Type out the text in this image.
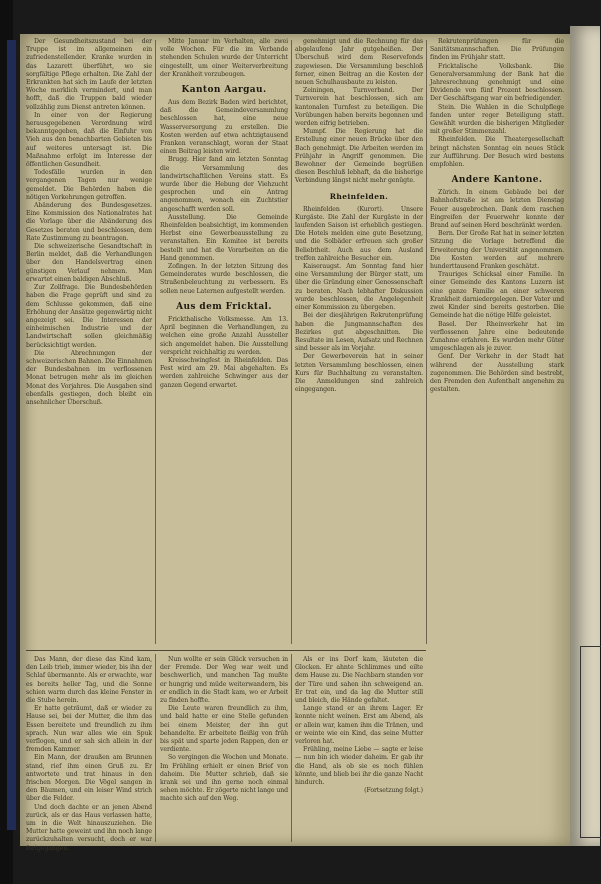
Der Gesundheitszustand bei der Truppe ist im allgemeinen ein zufriedenstellender. Kranke wurden in das Lazarett überführt, wo sie sorgfältige Pflege erhalten. Die Zahl der Erkrankten hat sich im Laufe der letzten Woche merklich vermindert, und man hofft, daß die Truppen bald wieder vollzählig zum Dienst antreten können.

In einer von der Regierung herausgegebenen Verordnung wird bekanntgegeben, daß die Einfuhr von Vieh aus den benachbarten Gebieten bis auf weiteres untersagt ist. Die Maßnahme erfolgt im Interesse der öffentlichen Gesundheit.

Todesfälle wurden in den vergangenen Tagen nur wenige gemeldet. Die Behörden haben die nötigen Vorkehrungen getroffen.

Abänderung des Bundesgesetzes. Eine Kommission des Nationalrates hat die Vorlage über die Abänderung des Gesetzes beraten und beschlossen, dem Rate Zustimmung zu beantragen.

Die schweizerische Gesandtschaft in Berlin meldet, daß die Verhandlungen über den Handelsvertrag einen günstigen Verlauf nehmen. Man erwartet einen baldigen Abschluß.

Zur Zollfrage. Die Bundesbehörden haben die Frage geprüft und sind zu dem Schlusse gekommen, daß eine Erhöhung der Ansätze gegenwärtig nicht angezeigt sei. Die Interessen der einheimischen Industrie und der Landwirtschaft sollen gleichmäßig berücksichtigt werden.

Die Abrechnungen der schweizerischen Bahnen. Die Einnahmen der Bundesbahnen im verflossenen Monat betrugen mehr als im gleichen Monat des Vorjahres. Die Ausgaben sind ebenfalls gestiegen, doch bleibt ein ansehnlicher Überschuß.

Mitte Januar im Verhalten, alle zwei volle Wochen. Für die im Verbande stehenden Schulen wurde der Unterricht eingestellt, um einer Weiterverbreitung der Krankheit vorzubeugen.

Kanton Aargau.

Aus dem Bezirk Baden wird berichtet, daß die Gemeindeversammlung beschlossen hat, eine neue Wasserversorgung zu erstellen. Die Kosten werden auf etwa achtzigtausend Franken veranschlagt, woran der Staat einen Beitrag leisten wird.

Brugg. Hier fand am letzten Sonntag die Versammlung des landwirtschaftlichen Vereins statt. Es wurde über die Hebung der Viehzucht gesprochen und ein Antrag angenommen, wonach ein Zuchtstier angeschafft werden soll.

Ausstellung. Die Gemeinde Rheinfelden beabsichtigt, im kommenden Herbst eine Gewerbeausstellung zu veranstalten. Ein Komitee ist bereits bestellt und hat die Vorarbeiten an die Hand genommen.

Zofingen. In der letzten Sitzung des Gemeinderates wurde beschlossen, die Straßenbeleuchtung zu verbessern. Es sollen neue Laternen aufgestellt werden.

Aus dem Fricktal.

Frickthalische Volksmesse. Am 13. April beginnen die Verhandlungen, zu welchen eine große Anzahl Aussteller sich angemeldet haben. Die Ausstellung verspricht reichhaltig zu werden.

Kreisschwingfest in Rheinfelden. Das Fest wird am 29. Mai abgehalten. Es werden zahlreiche Schwinger aus der ganzen Gegend erwartet.

genehmigt und die Rechnung für das abgelaufene Jahr gutgeheißen. Der Überschuß wird dem Reservefonds zugewiesen. Die Versammlung beschloß ferner, einen Beitrag an die Kosten der neuen Schulhausbaute zu leisten.

Zeiningen, Turnverband. Der Turnverein hat beschlossen, sich am kantonalen Turnfest zu beteiligen. Die Vorübungen haben bereits begonnen und werden eifrig betrieben.

Mumpf. Die Regierung hat die Erstellung einer neuen Brücke über den Bach genehmigt. Die Arbeiten werden im Frühjahr in Angriff genommen. Die Bewohner der Gemeinde begrüßen diesen Beschluß lebhaft, da die bisherige Verbindung längst nicht mehr genügte.

Rheinfelden.

Rheinfelden (Kurort). Unsere Kurgäste. Die Zahl der Kurgäste in der laufenden Saison ist erheblich gestiegen. Die Hotels melden eine gute Besetzung, und die Solbäder erfreuen sich großer Beliebtheit. Auch aus dem Ausland treffen zahlreiche Besucher ein.

Kaiseraugst. Am Sonntag fand hier eine Versammlung der Bürger statt, um über die Gründung einer Genossenschaft zu beraten. Nach lebhafter Diskussion wurde beschlossen, die Angelegenheit einer Kommission zu übergeben.

Bei der diesjährigen Rekrutenprüfung haben die Jungmannschaften des Bezirkes gut abgeschnitten. Die Resultate im Lesen, Aufsatz und Rechnen sind besser als im Vorjahr.

Der Gewerbeverein hat in seiner letzten Versammlung beschlossen, einen Kurs für Buchhaltung zu veranstalten. Die Anmeldungen sind zahlreich eingegangen.

Rekrutenprüfungen für die Sanitätsmannschaften. Die Prüfungen finden im Frühjahr statt.

Fricktalische Volksbank. Die Generalversammlung der Bank hat die Jahresrechnung genehmigt und eine Dividende von fünf Prozent beschlossen. Der Geschäftsgang war ein befriedigender.

Stein. Die Wahlen in die Schulpflege fanden unter reger Beteiligung statt. Gewählt wurden die bisherigen Mitglieder mit großer Stimmenzahl.

Rheinfelden. Die Theatergesellschaft bringt nächsten Sonntag ein neues Stück zur Aufführung. Der Besuch wird bestens empfohlen.

Andere Kantone.

Zürich. In einem Gebäude bei der Bahnhofstraße ist am letzten Dienstag Feuer ausgebrochen. Dank dem raschen Eingreifen der Feuerwehr konnte der Brand auf seinen Herd beschränkt werden.

Bern. Der Große Rat hat in seiner letzten Sitzung die Vorlage betreffend die Erweiterung der Universität angenommen. Die Kosten werden auf mehrere hunderttausend Franken geschätzt.

Trauriges Schicksal einer Familie. In einer Gemeinde des Kantons Luzern ist eine ganze Familie an einer schweren Krankheit darniedergelegen. Der Vater und zwei Kinder sind bereits gestorben. Die Gemeinde hat die nötige Hilfe geleistet.

Basel. Der Rheinverkehr hat im verflossenen Jahre eine bedeutende Zunahme erfahren. Es wurden mehr Güter umgeschlagen als je zuvor.

Genf. Der Verkehr in der Stadt hat während der Ausstellung stark zugenommen. Die Behörden sind bestrebt, den Fremden den Aufenthalt angenehm zu gestalten.

Das Mann, der diese das Kind kam, den Leib trieb, immer wieder, bis ihn der Schlaf übermannte. Als er erwachte, war es bereits heller Tag, und die Sonne schien warm durch das kleine Fenster in die Stube herein.

Er hatte geträumt, daß er wieder zu Hause sei, bei der Mutter, die ihm das Essen bereitete und freundlich zu ihm sprach. Nun war alles wie ein Spuk verflogen, und er sah sich allein in der fremden Kammer.

Ein Mann, der draußen am Brunnen stand, rief ihm einen Gruß zu. Er antwortete und trat hinaus in den frischen Morgen. Die Vögel sangen in den Bäumen, und ein leiser Wind strich über die Felder.

Und doch dachte er an jenen Abend zurück, als er das Haus verlassen hatte, um in die Welt hinauszuziehen. Die Mutter hatte geweint und ihn noch lange zurückzuhalten versucht, doch er war fortgegangen.

Nun wollte er sein Glück versuchen in der Fremde. Der Weg war weit und beschwerlich, und manchen Tag mußte er hungrig und müde weiterwandern, bis er endlich in die Stadt kam, wo er Arbeit zu finden hoffte.

Die Leute waren freundlich zu ihm, und bald hatte er eine Stelle gefunden bei einem Meister, der ihn gut behandelte. Er arbeitete fleißig von früh bis spät und sparte jeden Rappen, den er verdiente.

So vergingen die Wochen und Monate. Im Frühling erhielt er einen Brief von daheim. Die Mutter schrieb, daß sie krank sei und ihn gerne noch einmal sehen möchte. Er zögerte nicht lange und machte sich auf den Weg.

Als er ins Dorf kam, läuteten die Glocken. Er ahnte Schlimmes und eilte dem Hause zu. Die Nachbarn standen vor der Türe und sahen ihn schweigend an. Er trat ein, und da lag die Mutter still und bleich, die Hände gefaltet.

Lange stand er an ihrem Lager. Er konnte nicht weinen. Erst am Abend, als er allein war, kamen ihm die Tränen, und er weinte wie ein Kind, das seine Mutter verloren hat.

Frühling, meine Liebe — sagte er leise — nun bin ich wieder daheim. Er gab ihr die Hand, als ob sie es noch fühlen könnte, und blieb bei ihr die ganze Nacht hindurch.

(Fortsetzung folgt.)
